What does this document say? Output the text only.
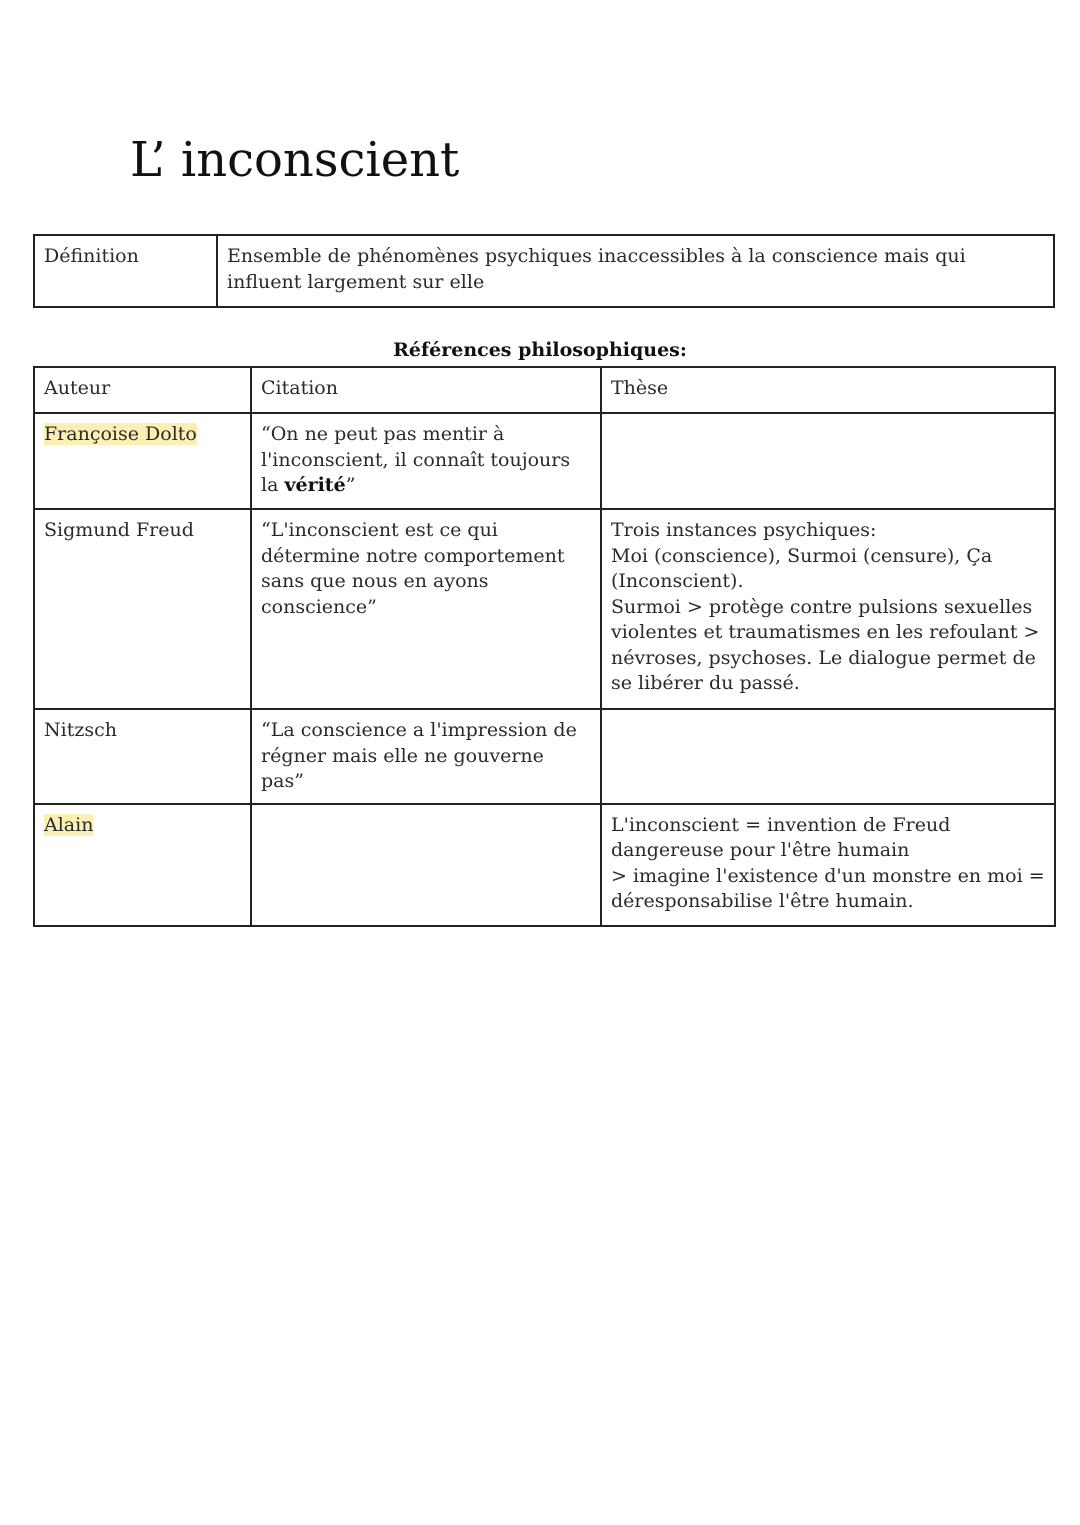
L’ inconscient
Définition	Ensemble de phénomènes psychiques inaccessibles à la conscience mais qui influent largement sur elle
Références philosophiques:
Auteur	Citation	Thèse
Françoise Dolto	“On ne peut pas mentir à l'inconscient, il connaît toujours la vérité”	
Sigmund Freud	“L'inconscient est ce qui détermine notre comportement sans que nous en ayons conscience”	Trois instances psychiques:
Moi (conscience), Surmoi (censure), Ça (Inconscient).
Surmoi > protège contre pulsions sexuelles violentes et traumatismes en les refoulant > névroses, psychoses. Le dialogue permet de se libérer du passé.

Nitzsch	“La conscience a l'impression de régner mais elle ne gouverne pas”	
Alain		L'inconscient = invention de Freud dangereuse pour l'être humain
> imagine l'existence d'un monstre en moi = déresponsabilise l'être humain.
